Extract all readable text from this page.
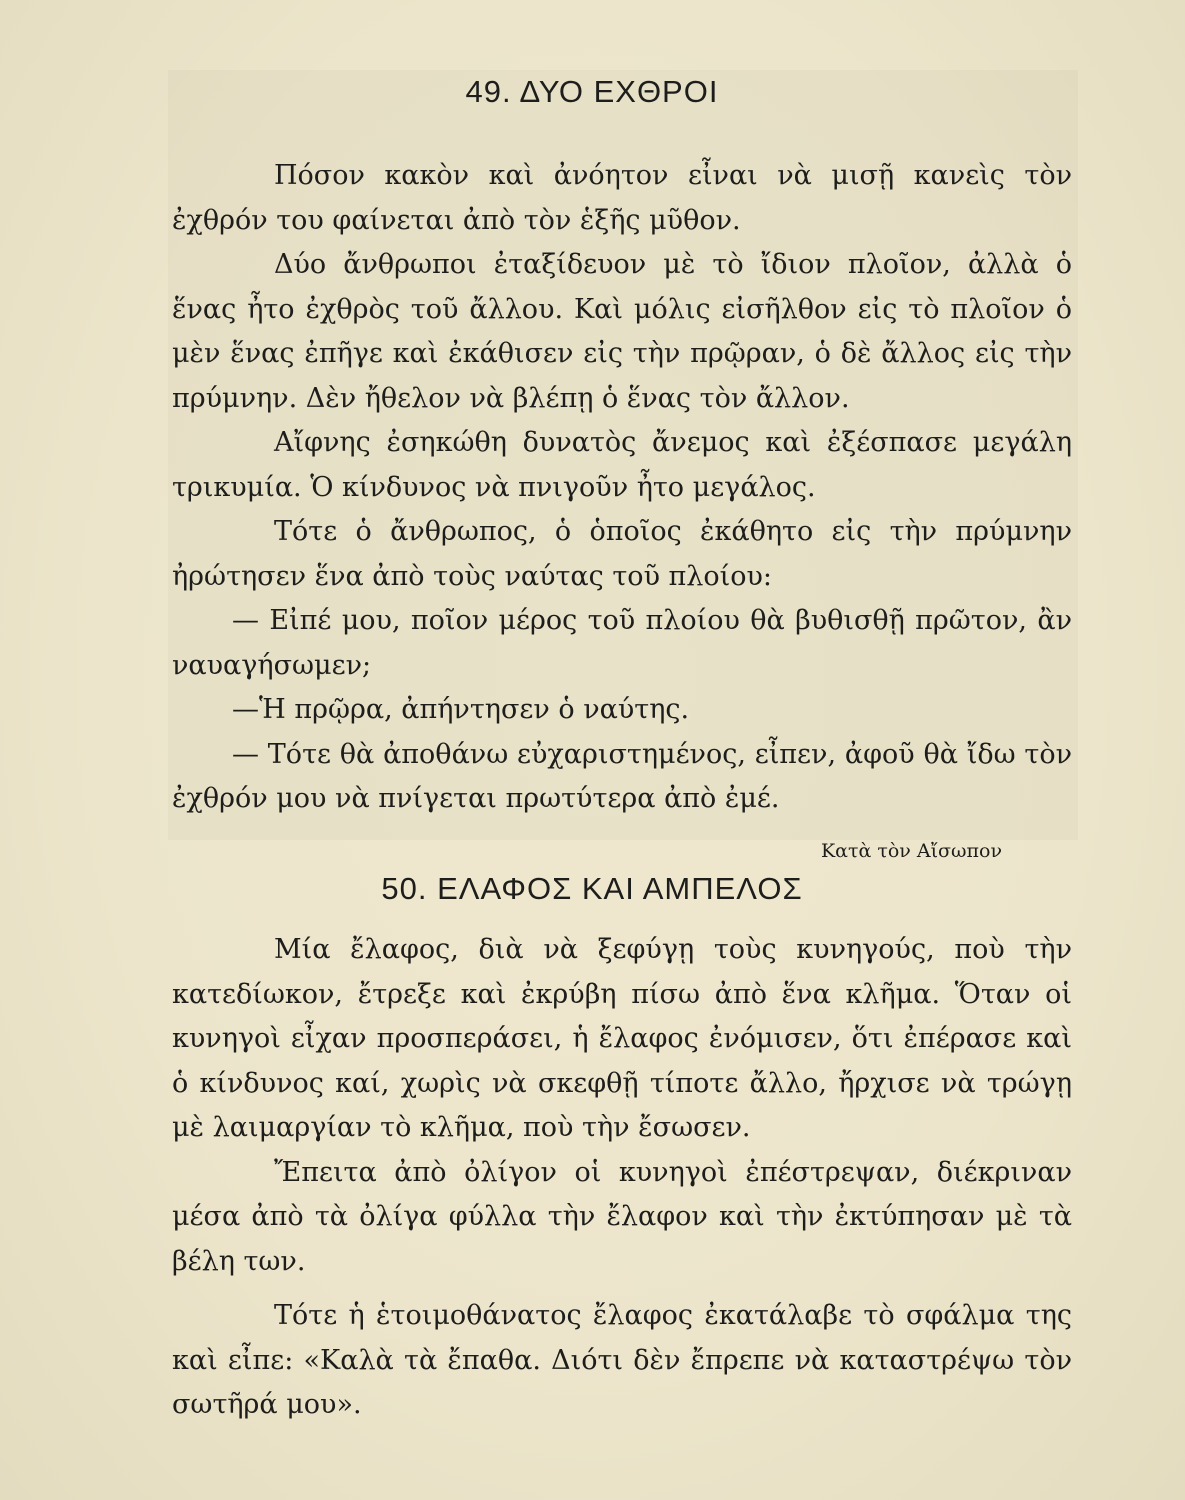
49. ΔΥΟ ΕΧΘΡΟΙ

Πόσον κακὸν καὶ ἀνόητον εἶναι νὰ μισῇ κανεὶς τὸν ἐχθρόν του φαίνεται ἀπὸ τὸν ἑξῆς μῦθον.

Δύο ἄνθρωποι ἐταξίδευον μὲ τὸ ἴδιον πλοῖον, ἀλλὰ ὁ ἕνας ἦτο ἐχθρὸς τοῦ ἄλλου. Καὶ μόλις εἰσῆλθον εἰς τὸ πλοῖον ὁ μὲν ἕνας ἐπῆγε καὶ ἐκάθισεν εἰς τὴν πρῷραν, ὁ δὲ ἄλλος εἰς τὴν πρύμνην. Δὲν ἤθελον νὰ βλέπῃ ὁ ἕνας τὸν ἄλλον.

Αἴφνης ἐσηκώθη δυνατὸς ἄνεμος καὶ ἐξέσπασε μεγάλη τρικυμία. Ὁ κίνδυνος νὰ πνιγοῦν ἦτο μεγάλος.

Τότε ὁ ἄνθρωπος, ὁ ὁποῖος ἐκάθητο εἰς τὴν πρύμνην ἠρώτησεν ἕνα ἀπὸ τοὺς ναύτας τοῦ πλοίου:

— Εἰπέ μου, ποῖον μέρος τοῦ πλοίου θὰ βυθισθῇ πρῶτον, ἂν ναυαγήσωμεν;

—Ἡ πρῷρα, ἀπήντησεν ὁ ναύτης.

— Τότε θὰ ἀποθάνω εὐχαριστημένος, εἶπεν, ἀφοῦ θὰ ἴδω τὸν ἐχθρόν μου νὰ πνίγεται πρωτύτερα ἀπὸ ἐμέ.

Κατὰ τὸν Αἴσωπον

50. ΕΛΑΦΟΣ ΚΑΙ ΑΜΠΕΛΟΣ

Μία ἔλαφος, διὰ νὰ ξεφύγῃ τοὺς κυνηγούς, ποὺ τὴν κατεδίωκον, ἔτρεξε καὶ ἐκρύβη πίσω ἀπὸ ἕνα κλῆμα. Ὅταν οἱ κυνηγοὶ εἶχαν προσπεράσει, ἡ ἔλαφος ἐνόμισεν, ὅτι ἐπέρασε καὶ ὁ κίνδυνος καί, χωρὶς νὰ σκεφθῇ τίποτε ἄλλο, ἤρχισε νὰ τρώγῃ μὲ λαιμαργίαν τὸ κλῆμα, ποὺ τὴν ἔσωσεν.

Ἔπειτα ἀπὸ ὀλίγον οἱ κυνηγοὶ ἐπέστρεψαν, διέκριναν μέσα ἀπὸ τὰ ὀλίγα φύλλα τὴν ἔλαφον καὶ τὴν ἐκτύπησαν μὲ τὰ βέλη των.

Τότε ἡ ἑτοιμοθάνατος ἔλαφος ἐκατάλαβε τὸ σφάλμα της καὶ εἶπε: «Καλὰ τὰ ἔπαθα. Διότι δὲν ἔπρεπε νὰ καταστρέψω τὸν σωτῆρά μου».
